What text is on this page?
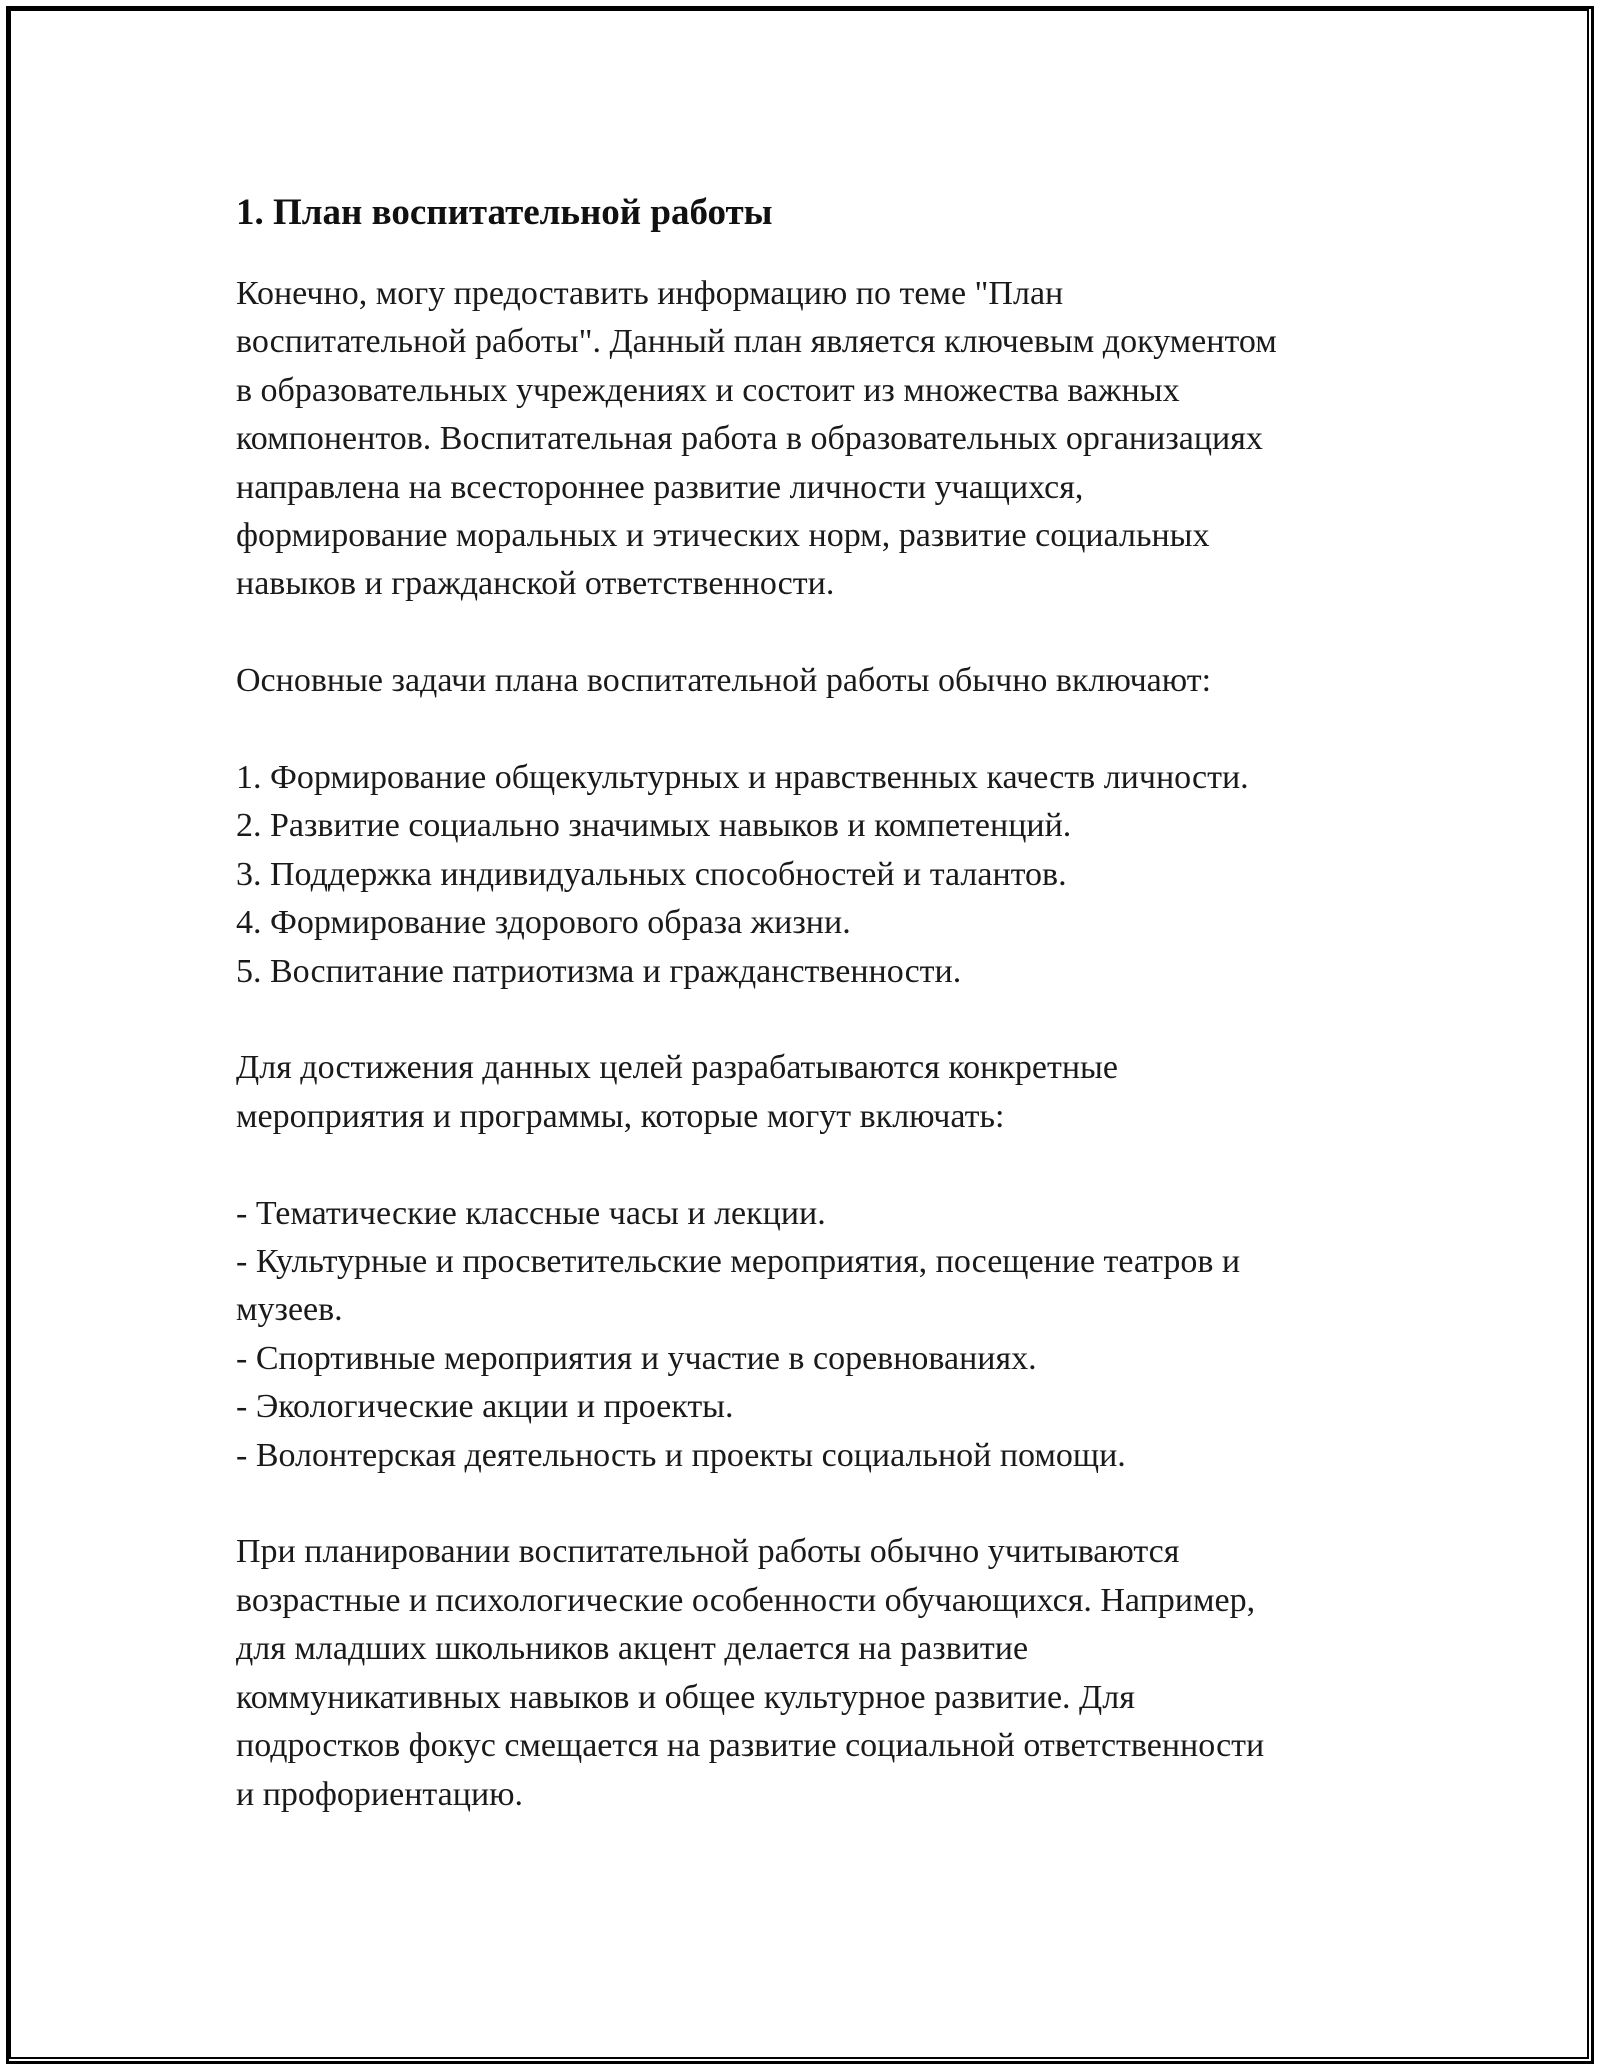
1. План воспитательной работы

Конечно, могу предоставить информацию по теме "План
воспитательной работы". Данный план является ключевым документом
в образовательных учреждениях и состоит из множества важных
компонентов. Воспитательная работа в образовательных организациях
направлена на всестороннее развитие личности учащихся,
формирование моральных и этических норм, развитие социальных
навыков и гражданской ответственности.

Основные задачи плана воспитательной работы обычно включают:

1. Формирование общекультурных и нравственных качеств личности.

2. Развитие социально значимых навыков и компетенций.

3. Поддержка индивидуальных способностей и талантов.

4. Формирование здорового образа жизни.

5. Воспитание патриотизма и гражданственности.

Для достижения данных целей разрабатываются конкретные
мероприятия и программы, которые могут включать:

- Тематические классные часы и лекции.

- Культурные и просветительские мероприятия, посещение театров и
музеев.

- Спортивные мероприятия и участие в соревнованиях.

- Экологические акции и проекты.

- Волонтерская деятельность и проекты социальной помощи.

При планировании воспитательной работы обычно учитываются
возрастные и психологические особенности обучающихся. Например,
для младших школьников акцент делается на развитие
коммуникативных навыков и общее культурное развитие. Для
подростков фокус смещается на развитие социальной ответственности
и профориентацию.
